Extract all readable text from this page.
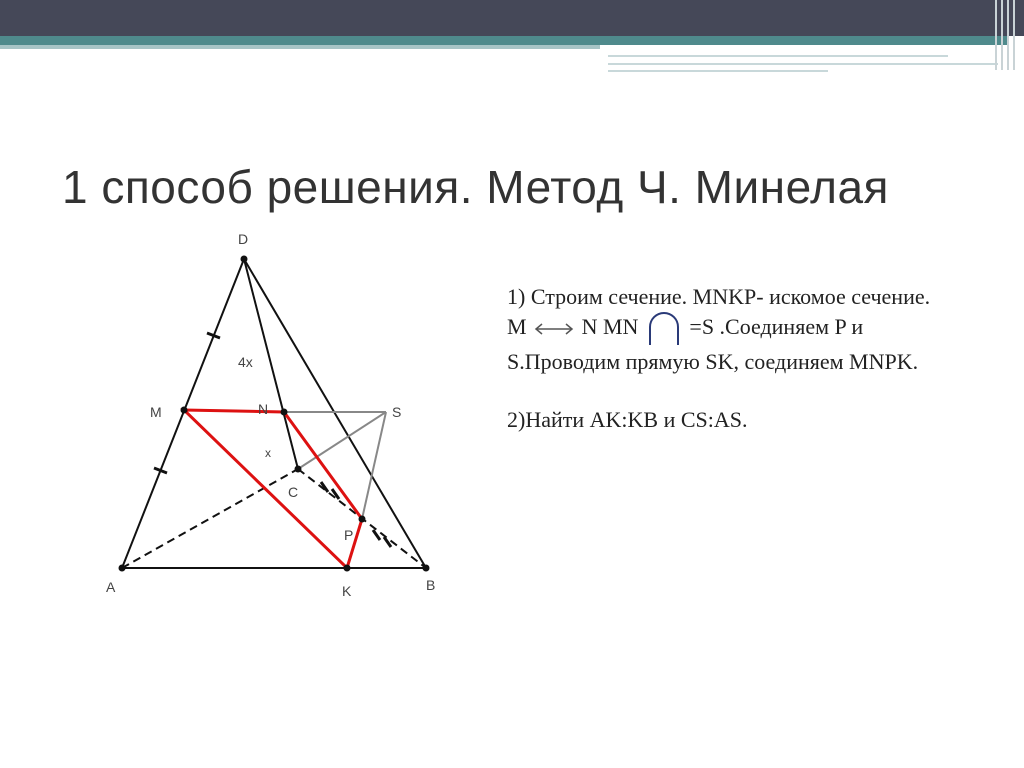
1 способ решения. Метод Ч. Минелая
D
M	N	S
C
P
A	K	B
4x
x

1) Строим сечение. MNKP- искомое сечение.

M	N MN =S .Соединяем P и S.Проводим прямую SK, соединяем MNPK.

2)Найти AK:KB и CS:AS.
